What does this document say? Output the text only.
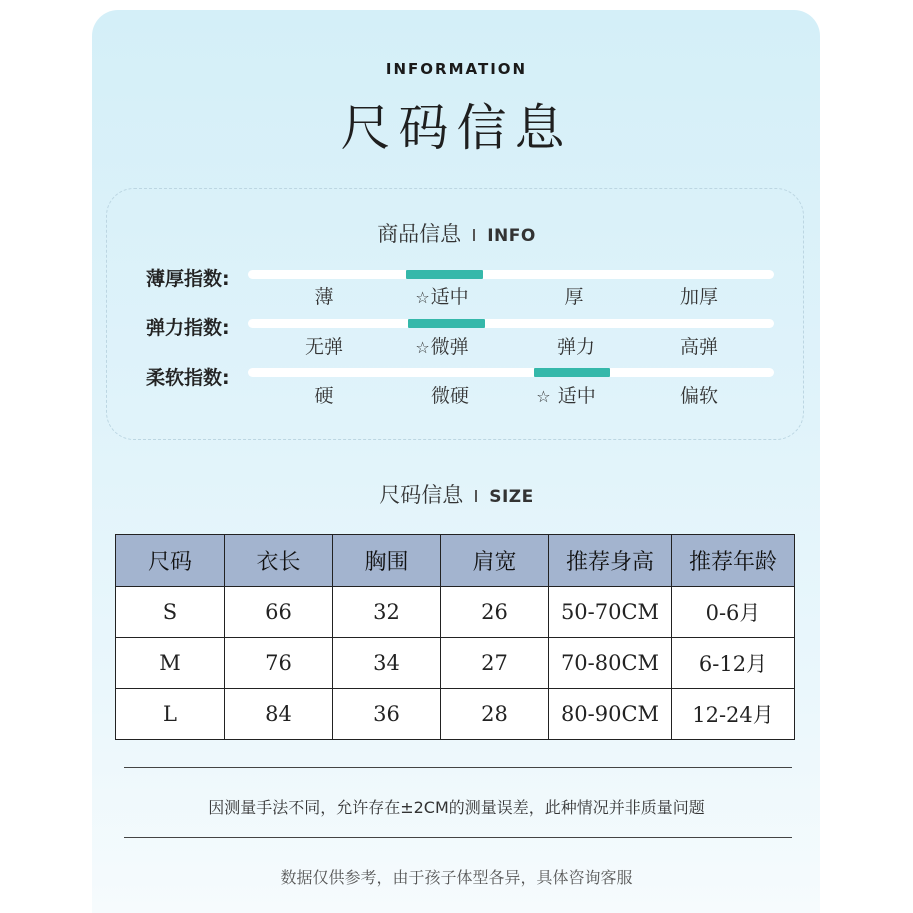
INFORMATION
尺码信息
商品信息 INFO
薄厚指数:
薄	☆适中	厚	加厚
弹力指数:
无弹	☆微弹	弹力	高弹
柔软指数:
硬	微硬	☆ 适中	偏软
尺码信息 SIZE
尺码	衣长	胸围	肩宽	推荐身高	推荐年龄
S	66	32	26	50-70CM	0-6月
M	76	34	27	70-80CM	6-12月
L	84	36	28	80-90CM	12-24月
因测量手法不同，允许存在±2CM的测量误差，此种情况并非质量问题
数据仅供参考，由于孩子体型各异，具体咨询客服
